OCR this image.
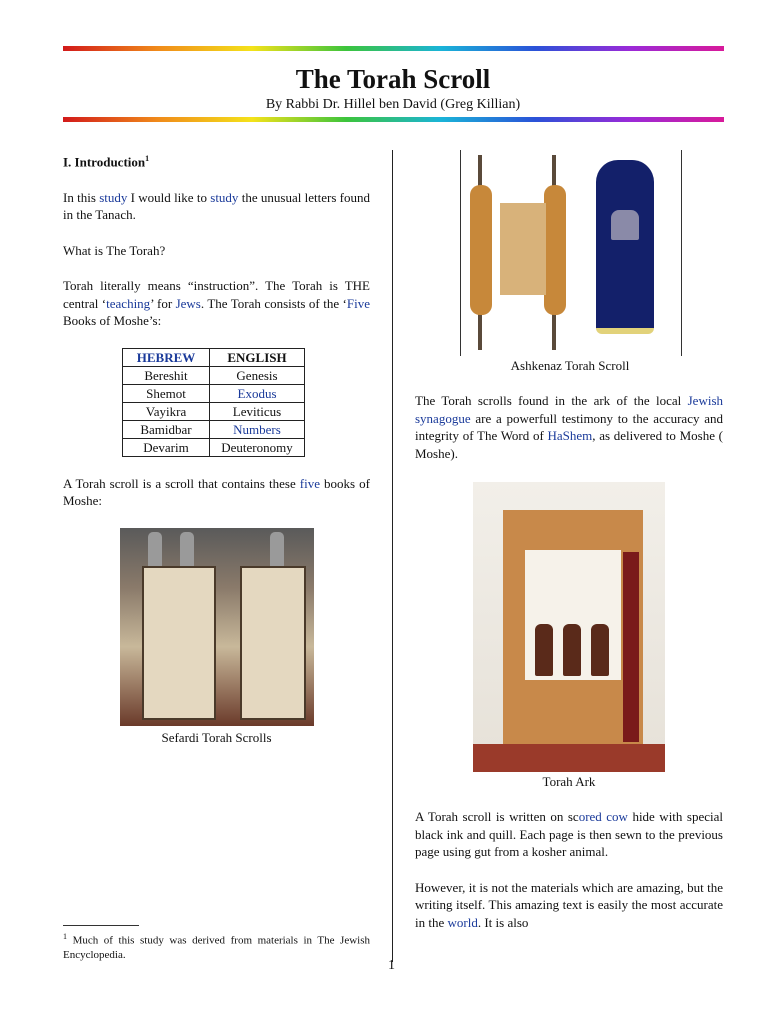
The Torah Scroll
By Rabbi Dr. Hillel ben David (Greg Killian)
I. Introduction$^1$

In this study I would like to study the unusual letters found in the Tanach.

What is The Torah?

Torah literally means “instruction”. The Torah is THE central ‘teaching’ for Jews. The Torah consists of the ‘Five Books of Moshe’s:

HEBREW	ENGLISH
Bereshit	Genesis
Shemot	Exodus
Vayikra	Leviticus
Bamidbar	Numbers
Devarim	Deuteronomy

A Torah scroll is a scroll that contains these five books of Moshe:

Sefardi Torah Scrolls
Ashkenaz Torah Scroll

The Torah scrolls found in the ark of the local Jewish synagogue are a powerfull testimony to the accuracy and integrity of The Word of HaShem, as delivered to Moshe ( Moshe).

Torah Ark

A Torah scroll is written on scored cow hide with special black ink and quill. Each page is then sewn to the previous page using gut from a kosher animal.

However, it is not the materials which are amazing, but the writing itself. This amazing text is easily the most accurate in the world. It is also

$^1$ Much of this study was derived from materials in The Jewish Encyclopedia.
1
